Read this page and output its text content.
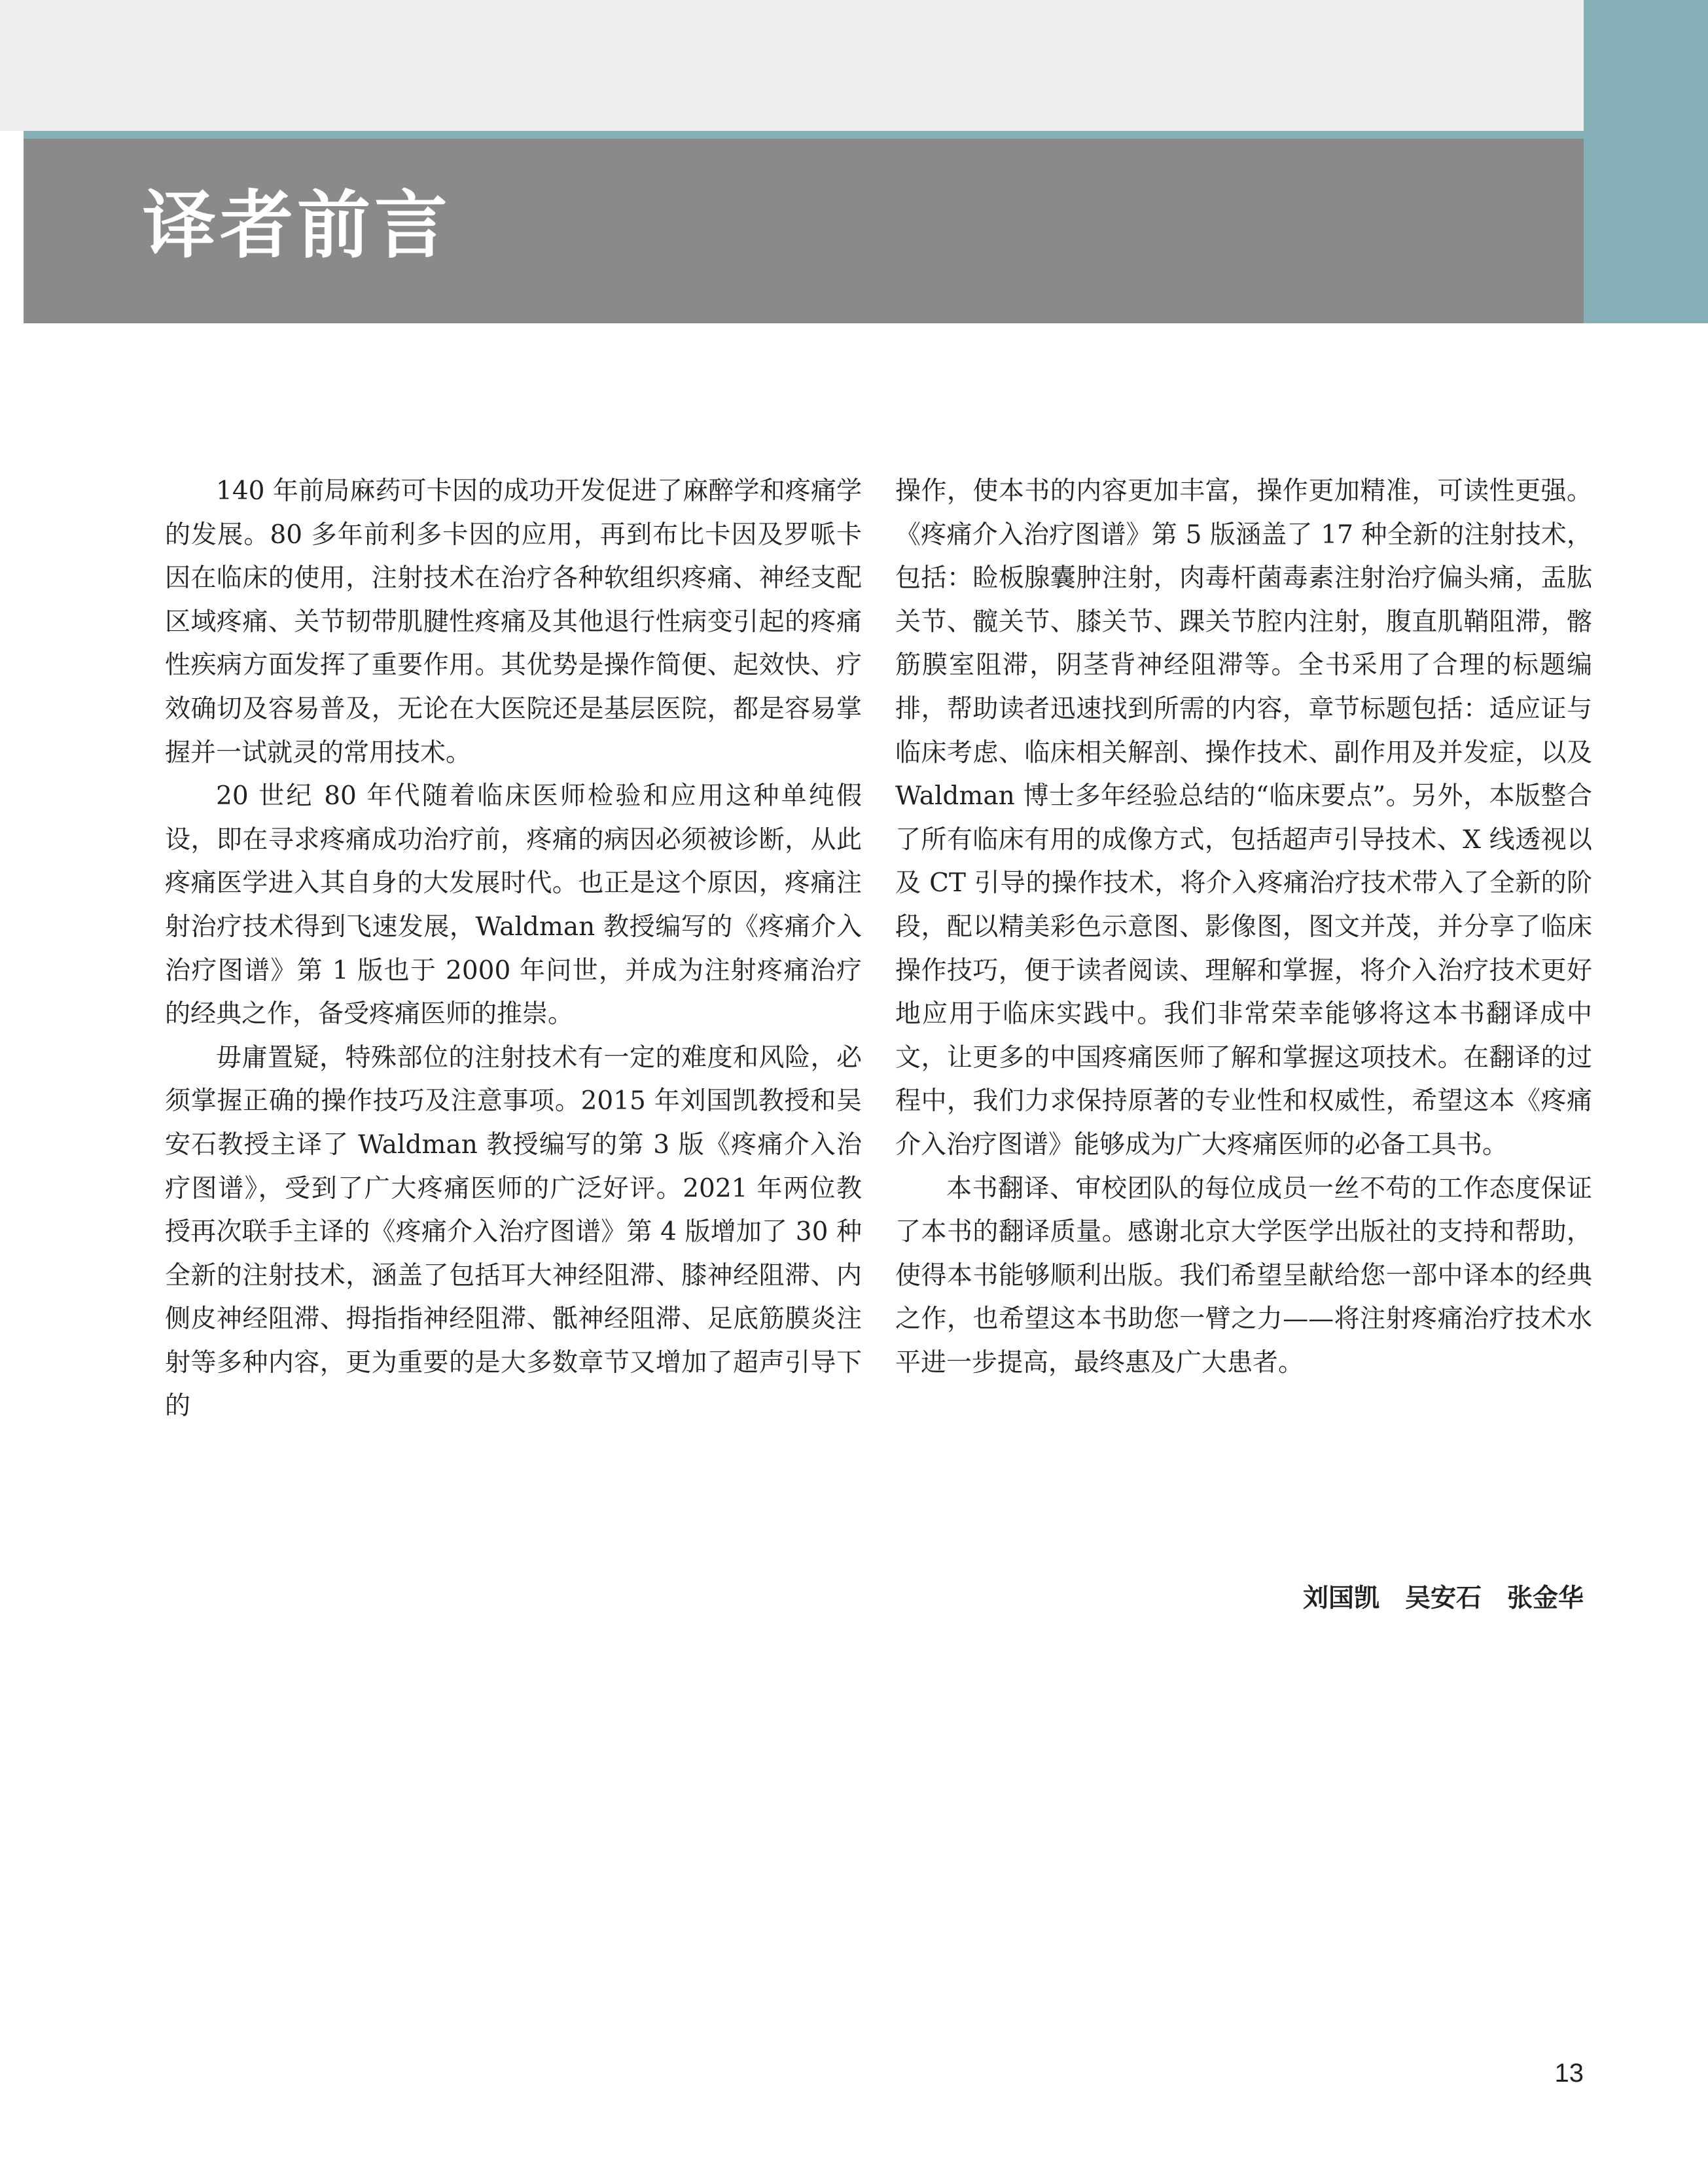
译者前言

140 年前局麻药可卡因的成功开发促进了麻醉学和疼痛学的发展。80 多年前利多卡因的应用，再到布比卡因及罗哌卡因在临床的使用，注射技术在治疗各种软组织疼痛、神经支配区域疼痛、关节韧带肌腱性疼痛及其他退行性病变引起的疼痛性疾病方面发挥了重要作用。其优势是操作简便、起效快、疗效确切及容易普及，无论在大医院还是基层医院，都是容易掌握并一试就灵的常用技术。

20 世纪 80 年代随着临床医师检验和应用这种单纯假设，即在寻求疼痛成功治疗前，疼痛的病因必须被诊断，从此疼痛医学进入其自身的大发展时代。也正是这个原因，疼痛注射治疗技术得到飞速发展，Waldman 教授编写的《疼痛介入治疗图谱》第 1 版也于 2000 年问世，并成为注射疼痛治疗的经典之作，备受疼痛医师的推崇。

毋庸置疑，特殊部位的注射技术有一定的难度和风险，必须掌握正确的操作技巧及注意事项。2015 年刘国凯教授和吴安石教授主译了 Waldman 教授编写的第 3 版《疼痛介入治疗图谱》，受到了广大疼痛医师的广泛好评。2021 年两位教授再次联手主译的《疼痛介入治疗图谱》第 4 版增加了 30 种全新的注射技术，涵盖了包括耳大神经阻滞、膝神经阻滞、内侧皮神经阻滞、拇指指神经阻滞、骶神经阻滞、足底筋膜炎注射等多种内容，更为重要的是大多数章节又增加了超声引导下的

操作，使本书的内容更加丰富，操作更加精准，可读性更强。《疼痛介入治疗图谱》第 5 版涵盖了 17 种全新的注射技术，包括：睑板腺囊肿注射，肉毒杆菌毒素注射治疗偏头痛，盂肱关节、髋关节、膝关节、踝关节腔内注射，腹直肌鞘阻滞，髂筋膜室阻滞，阴茎背神经阻滞等。全书采用了合理的标题编排，帮助读者迅速找到所需的内容，章节标题包括：适应证与临床考虑、临床相关解剖、操作技术、副作用及并发症，以及 Waldman 博士多年经验总结的“临床要点”。另外，本版整合了所有临床有用的成像方式，包括超声引导技术、X 线透视以及 CT 引导的操作技术，将介入疼痛治疗技术带入了全新的阶段，配以精美彩色示意图、影像图，图文并茂，并分享了临床操作技巧，便于读者阅读、理解和掌握，将介入治疗技术更好地应用于临床实践中。我们非常荣幸能够将这本书翻译成中文，让更多的中国疼痛医师了解和掌握这项技术。在翻译的过程中，我们力求保持原著的专业性和权威性，希望这本《疼痛介入治疗图谱》能够成为广大疼痛医师的必备工具书。

本书翻译、审校团队的每位成员一丝不苟的工作态度保证了本书的翻译质量。感谢北京大学医学出版社的支持和帮助，使得本书能够顺利出版。我们希望呈献给您一部中译本的经典之作，也希望这本书助您一臂之力——将注射疼痛治疗技术水平进一步提高，最终惠及广大患者。

刘国凯　吴安石　张金华

13
